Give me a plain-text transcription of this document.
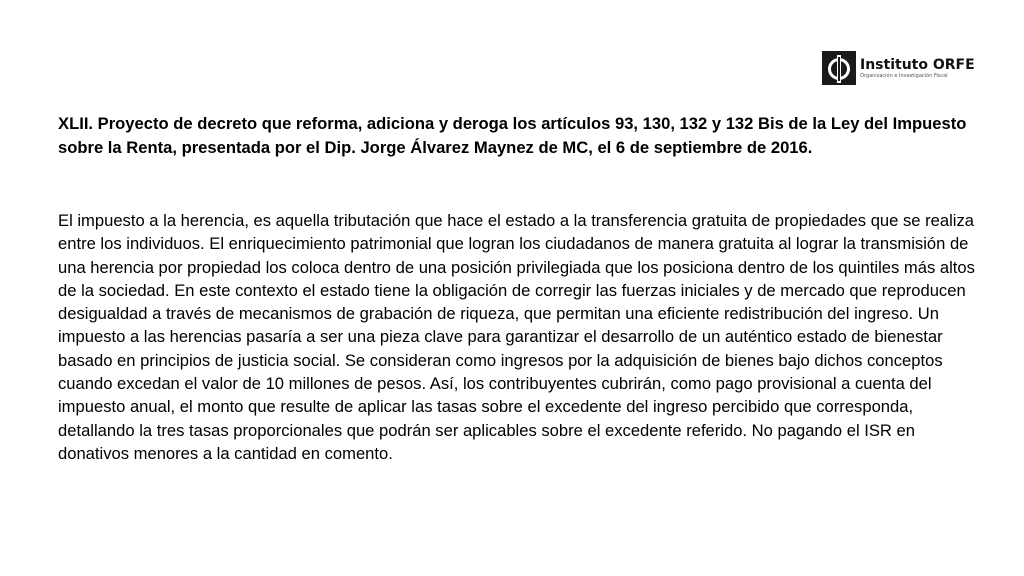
Instituto ORFE
Organización e Investigación Fiscal

XLII. Proyecto de decreto que reforma, adiciona y deroga los artículos 93, 130, 132 y 132 Bis de la Ley del Impuesto sobre la Renta, presentada por el Dip. Jorge Álvarez Maynez de MC, el 6 de septiembre de 2016.

El impuesto a la herencia, es aquella tributación que hace el estado a la transferencia gratuita de propiedades que se realiza entre los individuos. El enriquecimiento patrimonial que logran los ciudadanos de manera gratuita al lograr la transmisión de una herencia por propiedad los coloca dentro de una posición privilegiada que los posiciona dentro de los quintiles más altos de la sociedad. En este contexto el estado tiene la obligación de corregir las fuerzas iniciales y de mercado que reproducen desigualdad a través de mecanismos de grabación de riqueza, que permitan una eficiente redistribución del ingreso. Un impuesto a las herencias pasaría a ser una pieza clave para garantizar el desarrollo de un auténtico estado de bienestar basado en principios de justicia social. Se consideran como ingresos por la adquisición de bienes bajo dichos conceptos cuando excedan el valor de 10 millones de pesos. Así, los contribuyentes cubrirán, como pago provisional a cuenta del impuesto anual, el monto que resulte de aplicar las tasas sobre el excedente del ingreso percibido que corresponda, detallando la tres tasas proporcionales que podrán ser aplicables sobre el excedente referido. No pagando el ISR en donativos menores a la cantidad en comento.
